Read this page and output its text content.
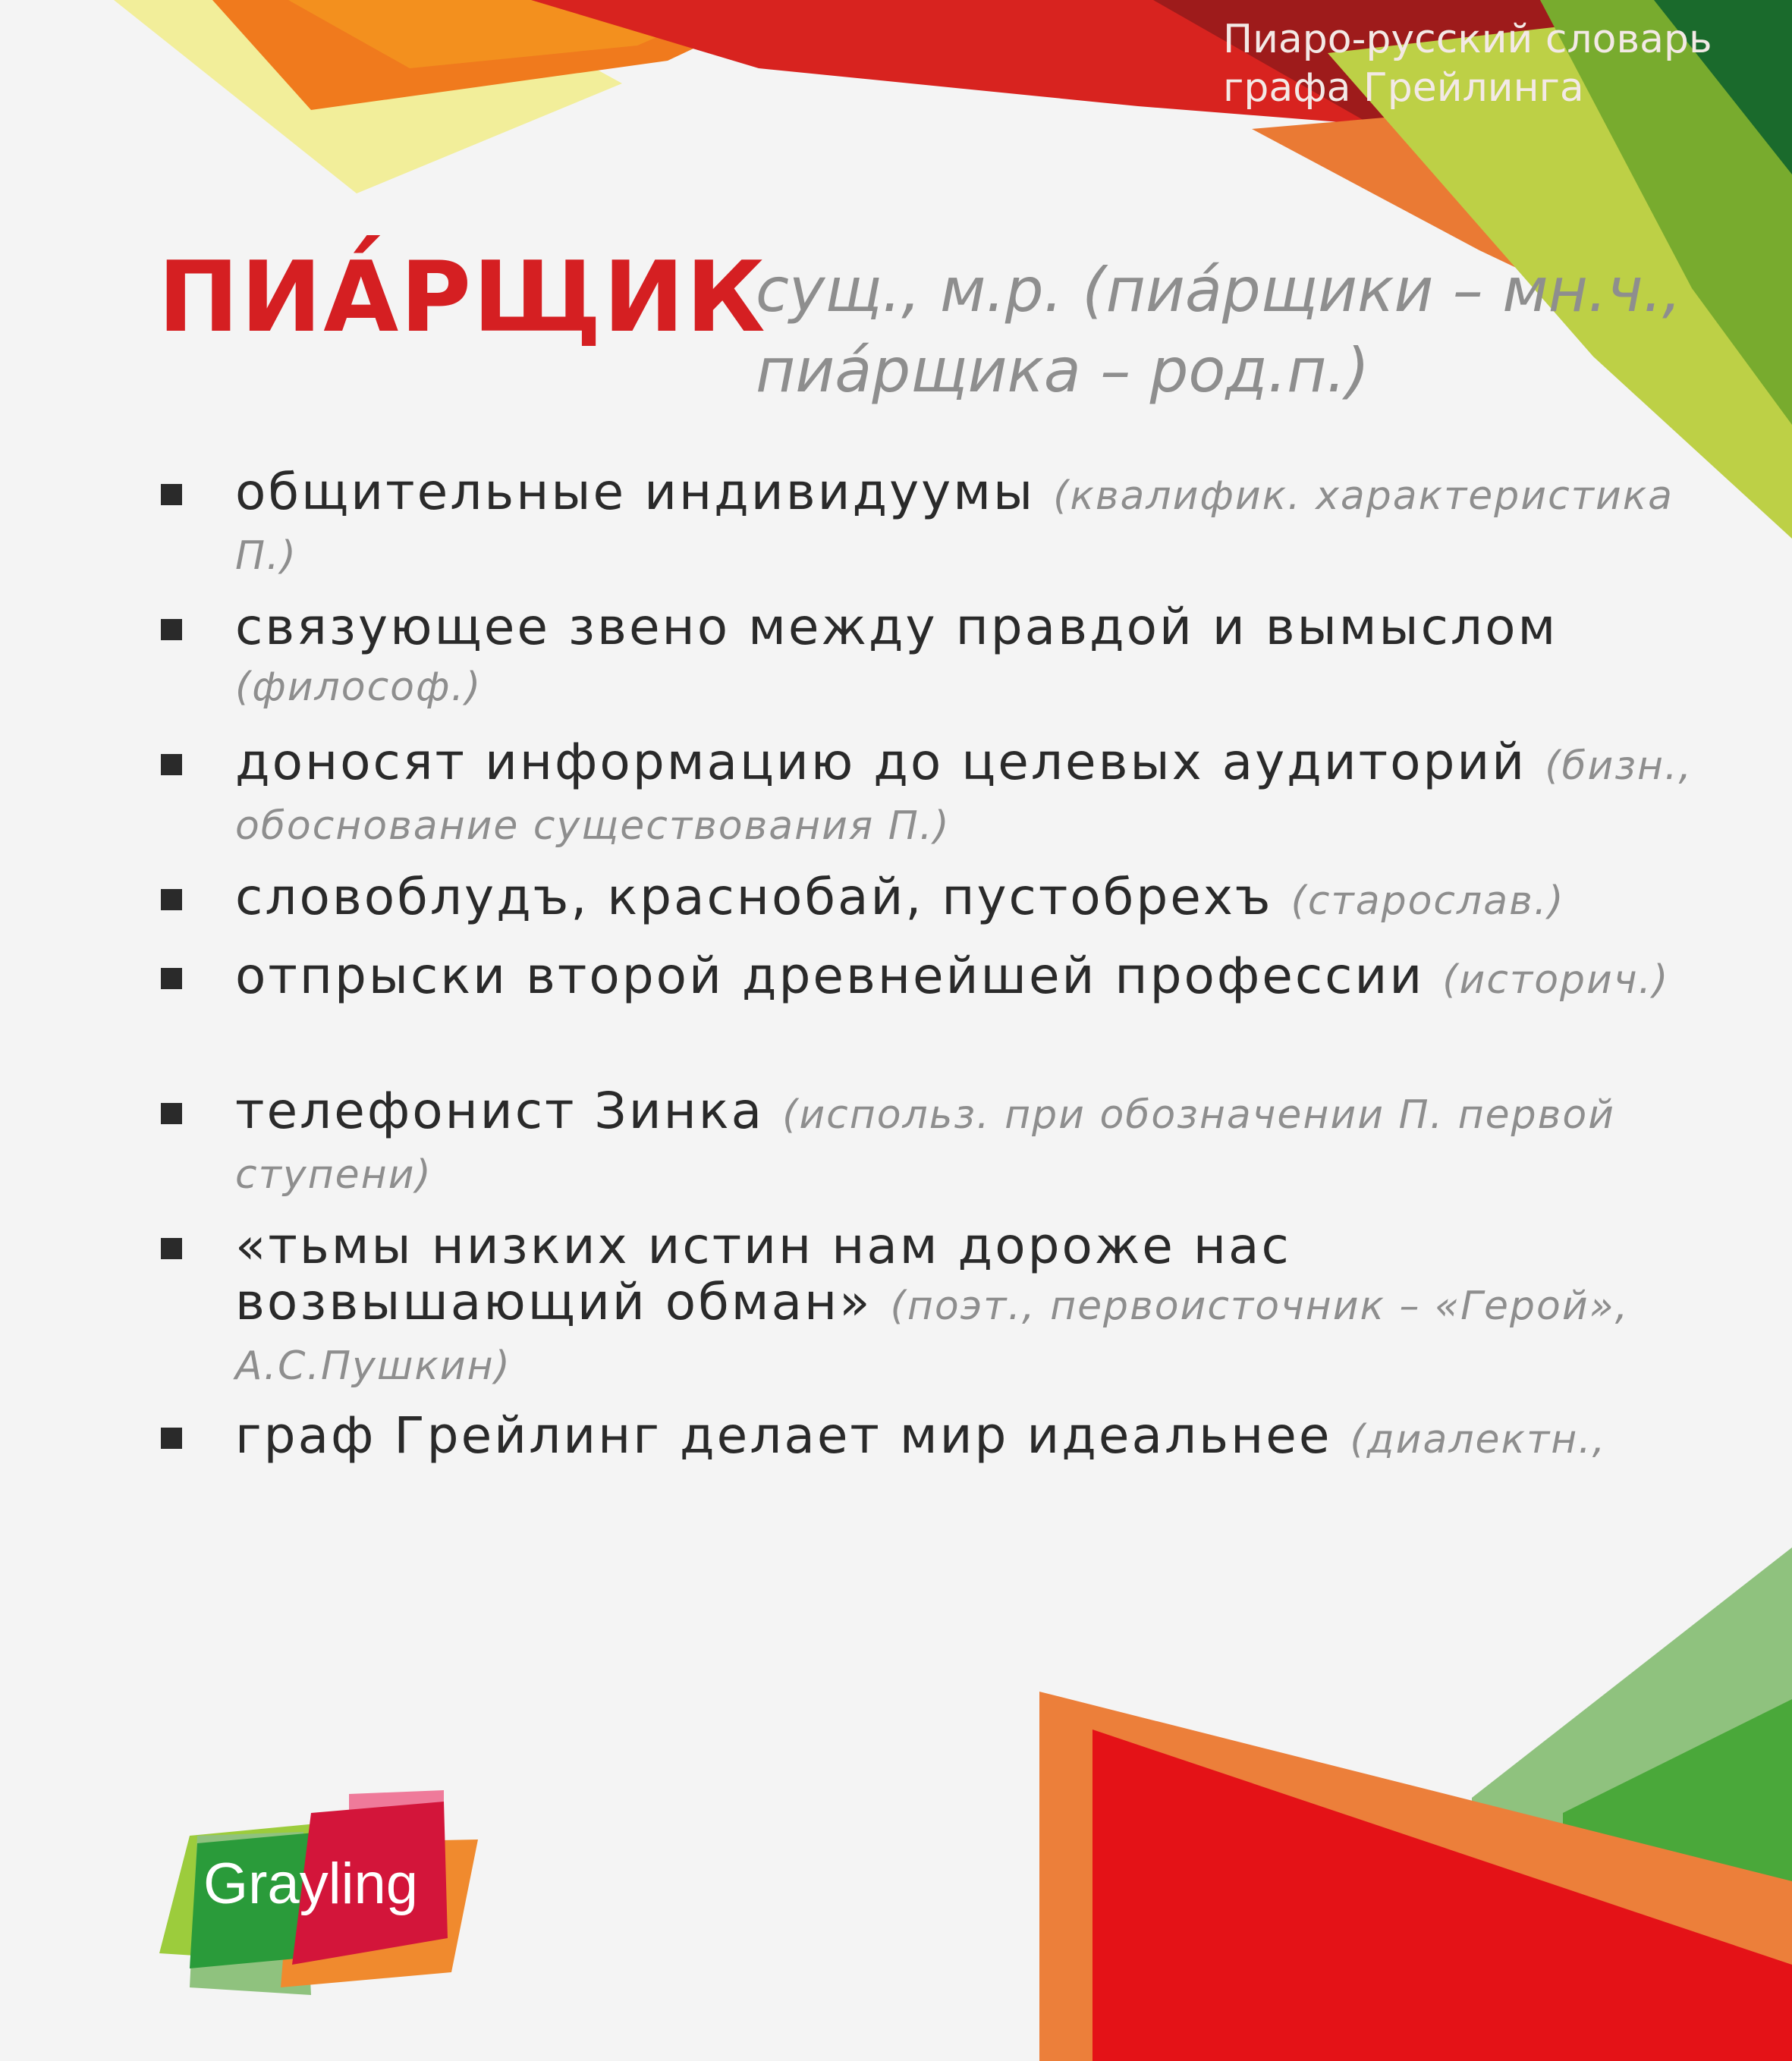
Пиаро-русский словарь
графа Грейлинга
ПИА́РЩИК
сущ., м.р. (пиа́рщики – мн.ч.,
пиа́рщика – род.п.)
общительные индивидуумы (квалифик. характеристика П.)
связующее звено между правдой и вымыслом (философ.)
доносят информацию до целевых аудиторий (бизн., обоснование существования П.)
словоблудъ, краснобай, пустобрехъ (старослав.)
отпрыски второй древнейшей профессии (историч.)
телефонист Зинка (использ. при обозначении П. первой ступени)
«тьмы низких истин нам дороже нас возвышающий обман» (поэт., первоисточник – «Герой», А.С.Пушкин)
граф Грейлинг делает мир идеальнее (диалектн.,
Grayling
